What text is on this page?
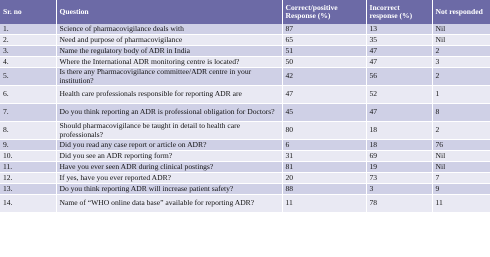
Sr. no	Question	Correct/positive Response (%)	Incorrect response (%)	Not responded
1.	Science of pharmacovigilance deals with	87	13	Nil
2.	Need and purpose of pharmacovigilance	65	35	Nil
3.	Name the regulatory body of ADR in India	51	47	2
4.	Where the International ADR monitoring centre is located?	50	47	3
5.	Is there any Pharmacovigilance committee/ADR centre in your institution?	42	56	2
6.	Health care professionals responsible for reporting ADR are	47	52	1
7.	Do you think reporting an ADR is professional obligation for Doctors?	45	47	8
8.	Should pharmacovigilance be taught in detail to health care professionals?	80	18	2
9.	Did you read any case report or article on ADR?	6	18	76
10.	Did you see an ADR reporting form?	31	69	Nil
11.	Have you ever seen ADR during clinical postings?	81	19	Nil
12.	If yes, have you ever reported ADR?	20	73	7
13.	Do you think reporting ADR will increase patient safety?	88	3	9
14.	Name of “WHO online data base” available for reporting ADR?	11	78	11
